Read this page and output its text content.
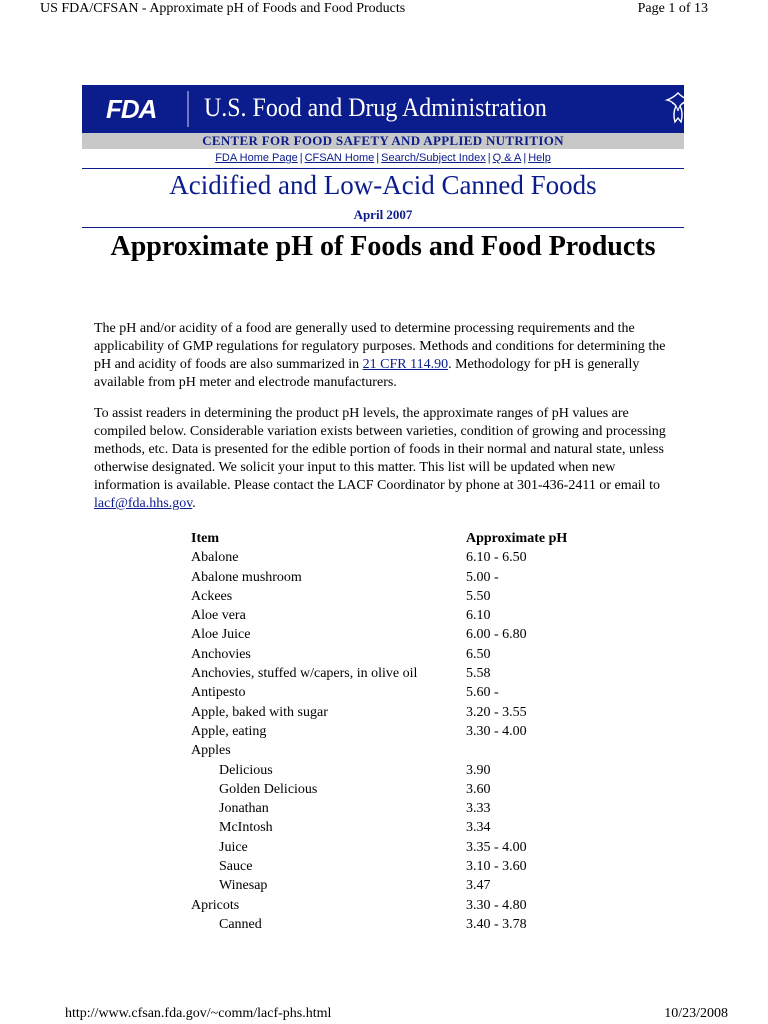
US FDA/CFSAN - Approximate pH of Foods and Food Products	Page 1 of 13
FDA U.S. Food and Drug Administration	Department of
Health and
Human Services
CENTER FOR FOOD SAFETY AND APPLIED NUTRITION
FDA Home Page | CFSAN Home | Search/Subject Index | Q & A | Help
Acidified and Low-Acid Canned Foods
April 2007
Approximate pH of Foods and Food Products
The pH and/or acidity of a food are generally used to determine processing requirements and the applicability of GMP regulations for regulatory purposes. Methods and conditions for determining the pH and acidity of foods are also summarized in 21 CFR 114.90. Methodology for pH is generally available from pH meter and electrode manufacturers.
To assist readers in determining the product pH levels, the approximate ranges of pH values are compiled below. Considerable variation exists between varieties, condition of growing and processing methods, etc. Data is presented for the edible portion of foods in their normal and natural state, unless otherwise designated. We solicit your input to this matter. This list will be updated when new information is available. Please contact the LACF Coordinator by phone at 301-436-2411 or email to lacf@fda.hhs.gov.
Item	Approximate pH
Abalone	6.10 - 6.50
Abalone mushroom	5.00 -
Ackees	5.50
Aloe vera	6.10
Aloe Juice	6.00 - 6.80
Anchovies	6.50
Anchovies, stuffed w/capers, in olive oil	5.58
Antipesto	5.60 -
Apple, baked with sugar	3.20 - 3.55
Apple, eating	3.30 - 4.00
Apples
Delicious	3.90
Golden Delicious	3.60
Jonathan	3.33
McIntosh	3.34
Juice	3.35 - 4.00
Sauce	3.10 - 3.60
Winesap	3.47
Apricots	3.30 - 4.80
Canned	3.40 - 3.78
http://www.cfsan.fda.gov/~comm/lacf-phs.html	10/23/2008
